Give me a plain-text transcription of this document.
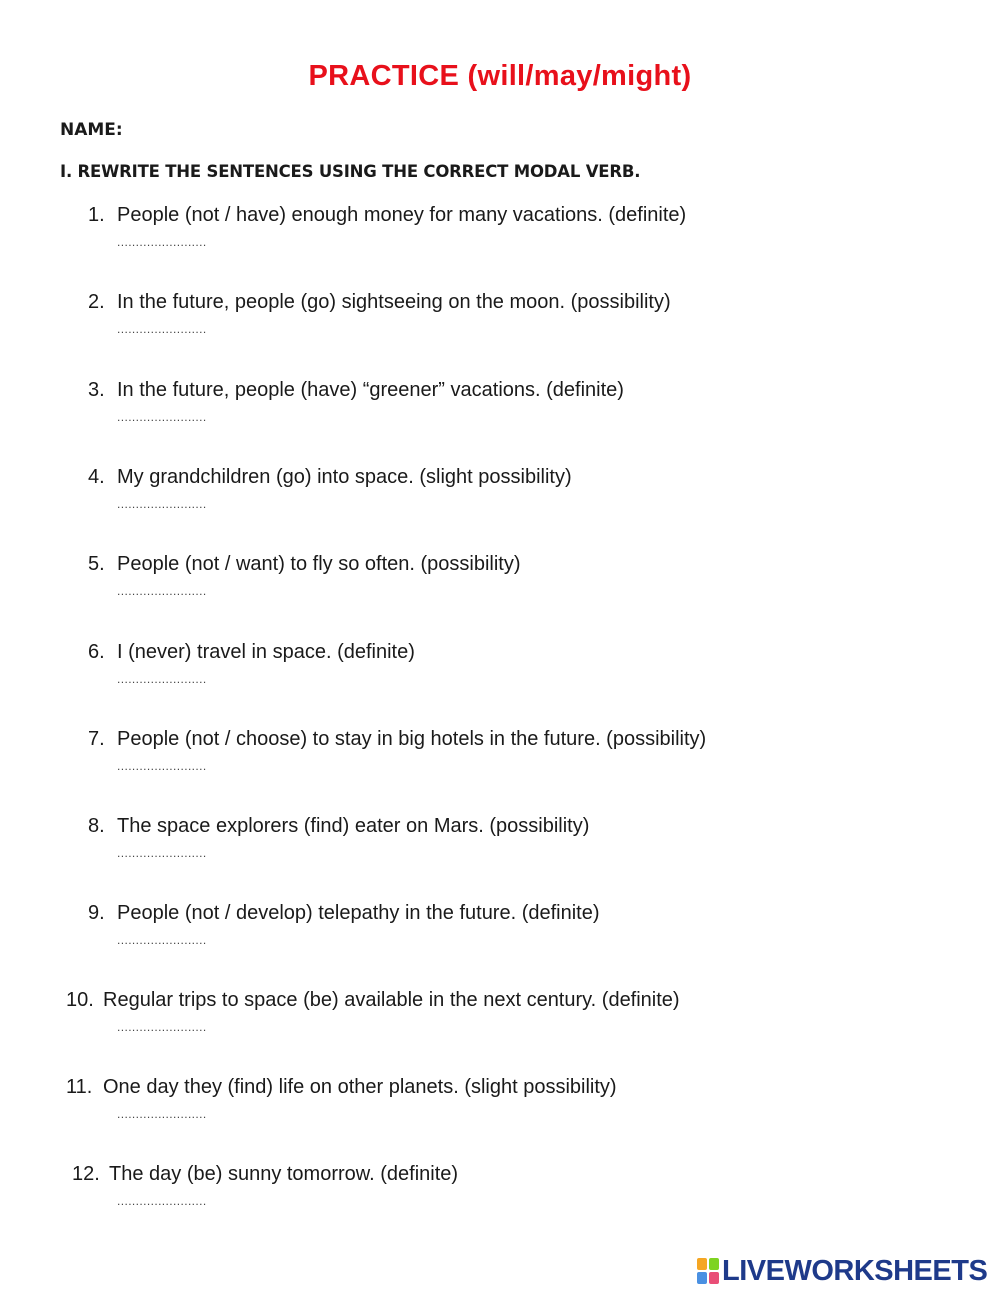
PRACTICE (will/may/might)
NAME:
I. REWRITE THE SENTENCES USING THE CORRECT MODAL VERB.
1. People (not / have) enough money for many vacations. (definite)
........................
2. In the future, people (go) sightseeing on the moon. (possibility)
........................
3. In the future, people (have) “greener” vacations. (definite)
........................
4. My grandchildren (go) into space. (slight possibility)
........................
5. People (not / want) to fly so often. (possibility)
........................
6. I (never) travel in space. (definite)
........................
7. People (not / choose) to stay in big hotels in the future. (possibility)
........................
8. The space explorers (find) eater on Mars. (possibility)
........................
9. People (not / develop) telepathy in the future. (definite)
........................
10. Regular trips to space (be) available in the next century. (definite)
........................
11. One day they (find) life on other planets. (slight possibility)
........................
12. The day (be) sunny tomorrow. (definite)
........................
LIVEWORKSHEETS
